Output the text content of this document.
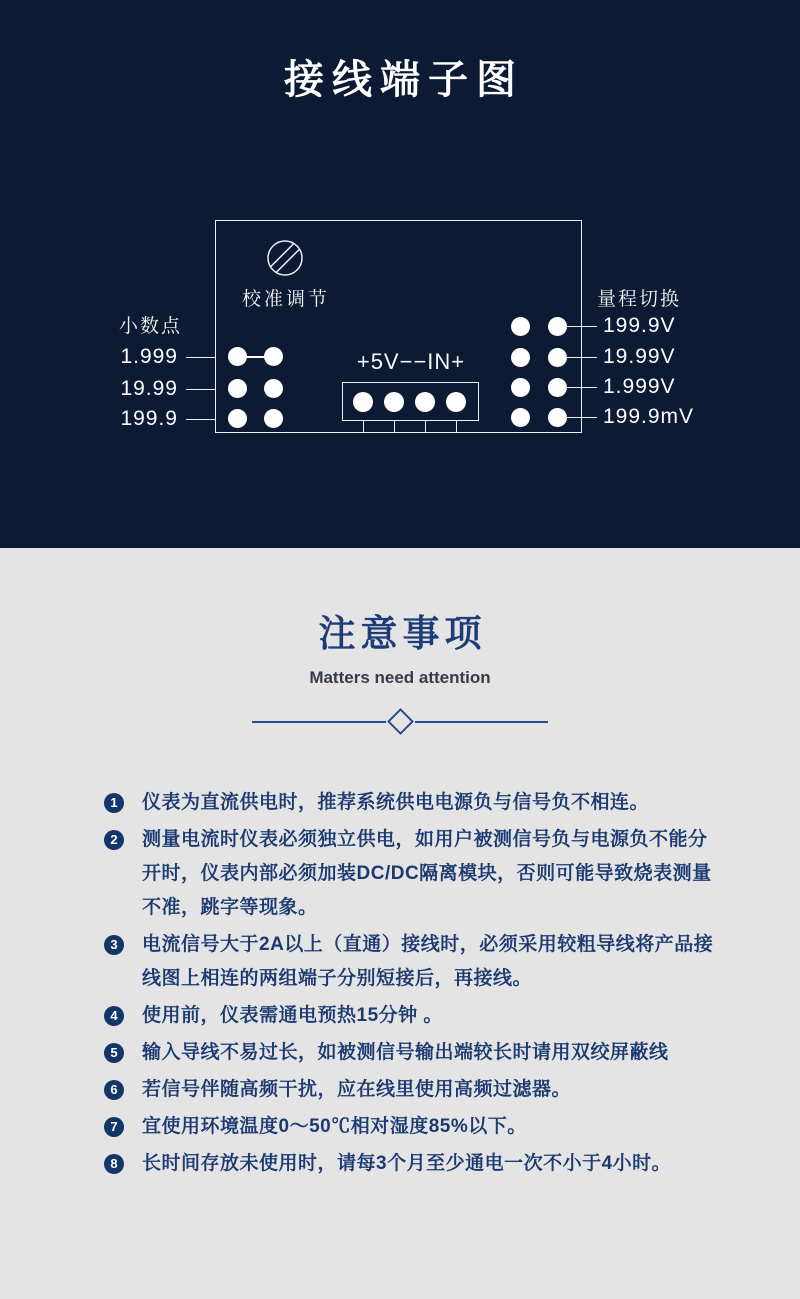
接线端子图
校准调节
小数点
1.999
19.99
199.9
+5V−−IN+
量程切换
199.9V
19.99V
1.999V
199.9mV
注意事项
Matters need attention
1	仪表为直流供电时，推荐系统供电电源负与信号负不相连。
2	测量电流时仪表必须独立供电，如用户被测信号负与电源负不能分开时，仪表内部必须加装DC/DC隔离模块，否则可能导致烧表测量不准，跳字等现象。
3	电流信号大于2A以上（直通）接线时，必须采用较粗导线将产品接线图上相连的两组端子分别短接后，再接线。
4	使用前，仪表需通电预热15分钟 。
5	输入导线不易过长，如被测信号输出端较长时请用双绞屏蔽线
6	若信号伴随高频干扰，应在线里使用高频过滤器。
7	宜使用环境温度0～50℃相对湿度85%以下。
8	长时间存放未使用时，请每3个月至少通电一次不小于4小时。
